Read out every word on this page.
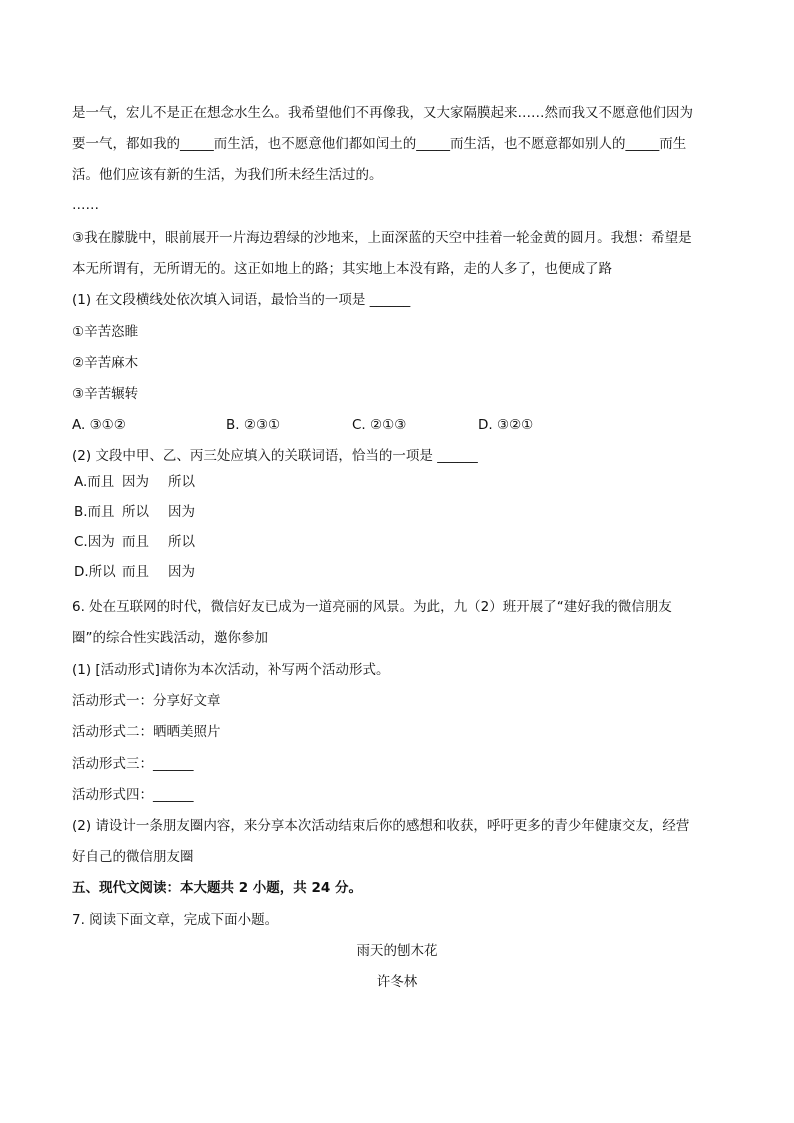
是一气，宏儿不是正在想念水生么。我希望他们不再像我，又大家隔膜起来……然而我又不愿意他们因为
要一气，都如我的_____而生活，也不愿意他们都如闰土的_____而生活，也不愿意都如别人的_____而生
活。他们应该有新的生活，为我们所未经生活过的。
……
③我在朦胧中，眼前展开一片海边碧绿的沙地来，上面深蓝的天空中挂着一轮金黄的圆月。我想：希望是
本无所谓有，无所谓无的。这正如地上的路；其实地上本没有路，走的人多了，也便成了路
(1) 在文段横线处依次填入词语，最恰当的一项是 ______
①辛苦恣睢
②辛苦麻木
③辛苦辗转
A. ③①②	B. ②③①	C. ②①③	D. ③②①
(2) 文段中甲、乙、丙三处应填入的关联词语，恰当的一项是 ______
A.而且 因为 所以
B.而且 所以 因为
C.因为 而且 所以
D.所以 而且 因为
6. 处在互联网的时代，微信好友已成为一道亮丽的风景。为此，九（2）班开展了“建好我的微信朋友
圈”的综合性实践活动，邀你参加
(1) [活动形式]请你为本次活动，补写两个活动形式。
活动形式一：分享好文章
活动形式二：晒晒美照片
活动形式三：______
活动形式四：______
(2) 请设计一条朋友圈内容，来分享本次活动结束后你的感想和收获，呼吁更多的青少年健康交友，经营
好自己的微信朋友圈
五、现代文阅读：本大题共 2 小题，共 24 分。
7. 阅读下面文章，完成下面小题。
雨天的刨木花
许冬林
